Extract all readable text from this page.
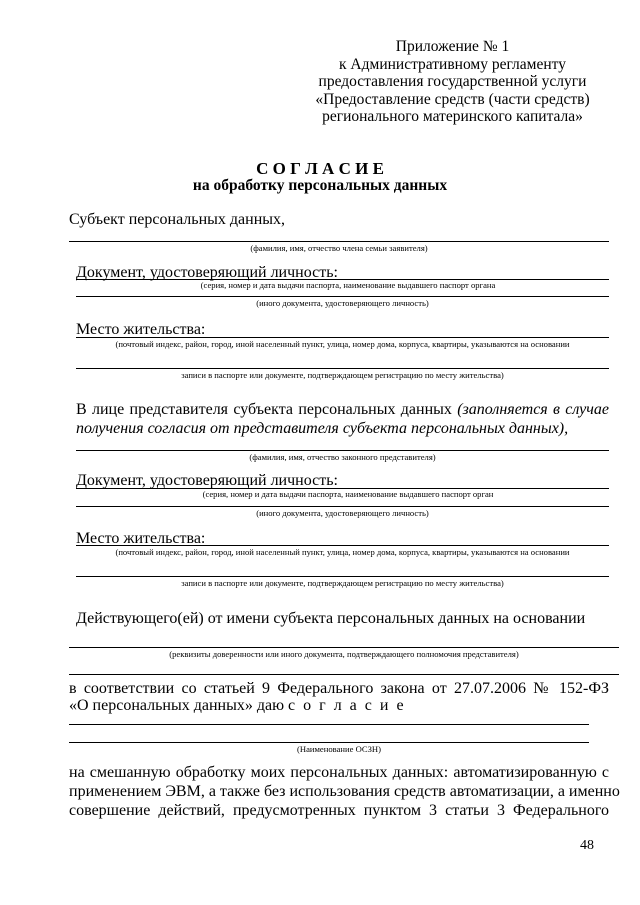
Приложение № 1
к Административному регламенту
предоставления государственной услуги
«Предоставление средств (части средств)
регионального материнского капитала»
С О Г Л А С И Е
на обработку персональных данных
Субъект персональных данных,
(фамилия, имя, отчество члена семьи заявителя)
Документ, удостоверяющий личность:
(серия, номер и дата выдачи паспорта, наименование выдавшего паспорт органа
(иного документа, удостоверяющего личность)
Место жительства:
(почтовый индекс, район, город, иной населенный пункт, улица, номер дома, корпуса, квартиры, указываются на основании
записи в паспорте или документе, подтверждающем регистрацию по месту жительства)
В лице представителя субъекта персональных данных (заполняется в случае
получения согласия от представителя субъекта персональных данных),
(фамилия, имя, отчество законного представителя)
Документ, удостоверяющий личность:
(серия, номер и дата выдачи паспорта, наименование выдавшего паспорт орган
(иного документа, удостоверяющего личность)
Место жительства:
(почтовый индекс, район, город, иной населенный пункт, улица, номер дома, корпуса, квартиры, указываются на основании
записи в паспорте или документе, подтверждающем регистрацию по месту жительства)
Действующего(ей) от имени субъекта персональных данных на основании
(реквизиты доверенности или иного документа, подтверждающего полномочия представителя)
в соответствии со статьей 9 Федерального закона от 27.07.2006 № 152-ФЗ
«О персональных данных» даю с о г л а с и е
(Наименование ОСЗН)
на смешанную обработку моих персональных данных: автоматизированную с
применением ЭВМ, а также без использования средств автоматизации, а именно
совершение действий, предусмотренных пунктом 3 статьи 3 Федерального
48
